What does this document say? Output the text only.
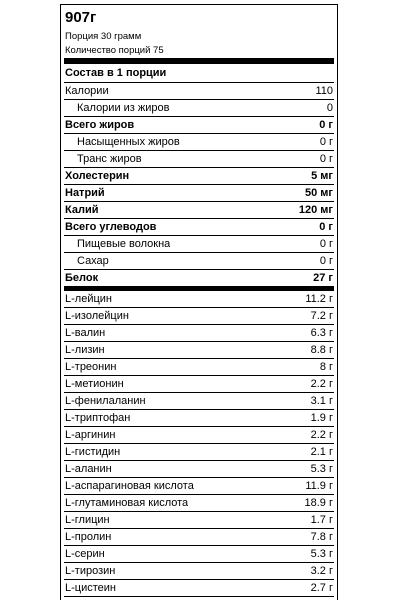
907г
Порция 30 грамм
Количество порций 75
Состав в 1 порции
Калории	110
Калории из жиров	0
Всего жиров	0 г
Насыщенных жиров	0 г
Транс жиров	0 г
Холестерин	5 мг
Натрий	50 мг
Калий	120 мг
Всего углеводов	0 г
Пищевые волокна	0 г
Сахар	0 г
Белок	27 г
L-лейцин	11.2 г
L-изолейцин	7.2 г
L-валин	6.3 г
L-лизин	8.8 г
L-треонин	8 г
L-метионин	2.2 г
L-фенилаланин	3.1 г
L-триптофан	1.9 г
L-аргинин	2.2 г
L-гистидин	2.1 г
L-аланин	5.3 г
L-аспарагиновая кислота	11.9 г
L-глутаминовая кислота	18.9 г
L-глицин	1.7 г
L-пролин	7.8 г
L-серин	5.3 г
L-тирозин	3.2 г
L-цистеин	2.7 г
